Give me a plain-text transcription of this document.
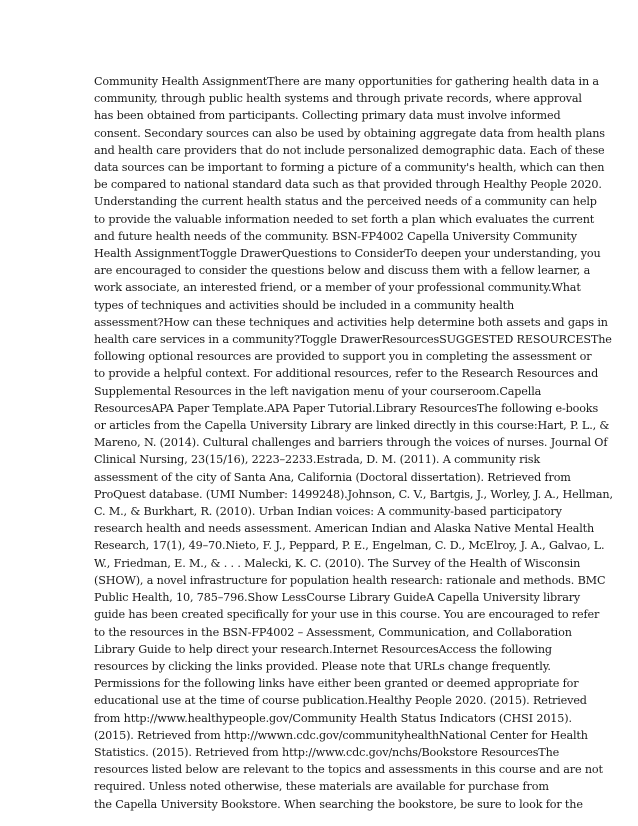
Community Health AssignmentThere are many opportunities for gathering health data in a
community, through public health systems and through private records, where approval
has been obtained from participants. Collecting primary data must involve informed
consent. Secondary sources can also be used by obtaining aggregate data from health plans
and health care providers that do not include personalized demographic data. Each of these
data sources can be important to forming a picture of a community's health, which can then
be compared to national standard data such as that provided through Healthy People 2020.
Understanding the current health status and the perceived needs of a community can help
to provide the valuable information needed to set forth a plan which evaluates the current
and future health needs of the community. BSN-FP4002 Capella University Community
Health AssignmentToggle DrawerQuestions to ConsiderTo deepen your understanding, you
are encouraged to consider the questions below and discuss them with a fellow learner, a
work associate, an interested friend, or a member of your professional community.What
types of techniques and activities should be included in a community health
assessment?How can these techniques and activities help determine both assets and gaps in
health care services in a community?Toggle DrawerResourcesSUGGESTED RESOURCESThe
following optional resources are provided to support you in completing the assessment or
to provide a helpful context. For additional resources, refer to the Research Resources and
Supplemental Resources in the left navigation menu of your courseroom.Capella
ResourcesAPA Paper Template.APA Paper Tutorial.Library ResourcesThe following e-books
or articles from the Capella University Library are linked directly in this course:Hart, P. L., &
Mareno, N. (2014). Cultural challenges and barriers through the voices of nurses. Journal Of
Clinical Nursing, 23(15/16), 2223–2233.Estrada, D. M. (2011). A community risk
assessment of the city of Santa Ana, California (Doctoral dissertation). Retrieved from
ProQuest database. (UMI Number: 1499248).Johnson, C. V., Bartgis, J., Worley, J. A., Hellman,
C. M., & Burkhart, R. (2010). Urban Indian voices: A community-based participatory
research health and needs assessment. American Indian and Alaska Native Mental Health
Research, 17(1), 49–70.Nieto, F. J., Peppard, P. E., Engelman, C. D., McElroy, J. A., Galvao, L.
W., Friedman, E. M., & . . . Malecki, K. C. (2010). The Survey of the Health of Wisconsin
(SHOW), a novel infrastructure for population health research: rationale and methods. BMC
Public Health, 10, 785–796.Show LessCourse Library GuideA Capella University library
guide has been created specifically for your use in this course. You are encouraged to refer
to the resources in the BSN-FP4002 – Assessment, Communication, and Collaboration
Library Guide to help direct your research.Internet ResourcesAccess the following
resources by clicking the links provided. Please note that URLs change frequently.
Permissions for the following links have either been granted or deemed appropriate for
educational use at the time of course publication.Healthy People 2020. (2015). Retrieved
from http://www.healthypeople.gov/Community Health Status Indicators (CHSI 2015).
(2015). Retrieved from http://wwwn.cdc.gov/communityhealthNational Center for Health
Statistics. (2015). Retrieved from http://www.cdc.gov/nchs/Bookstore ResourcesThe
resources listed below are relevant to the topics and assessments in this course and are not
required. Unless noted otherwise, these materials are available for purchase from
the Capella University Bookstore. When searching the bookstore, be sure to look for the
